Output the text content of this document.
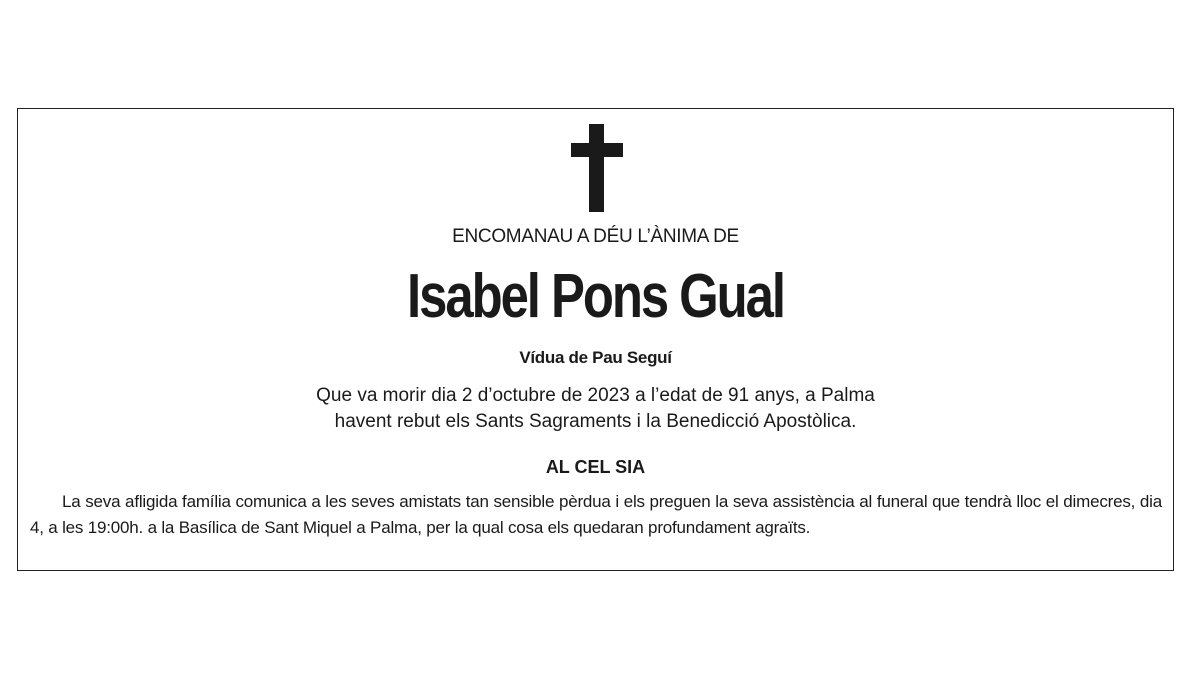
ENCOMANAU A DÉU L’ÀNIMA DE

Isabel Pons Gual

Vídua de Pau Seguí

Que va morir dia 2 d’octubre de 2023 a l’edat de 91 anys, a Palma

havent rebut els Sants Sagraments i la Benedicció Apostòlica.

AL CEL SIA

La seva afligida família comunica a les seves amistats tan sensible pèrdua i els preguen la seva assistència al funeral que tendrà lloc el dimecres, dia 4, a les 19:00h. a la Basílica de Sant Miquel a Palma, per la qual cosa els quedaran profundament agraïts.
